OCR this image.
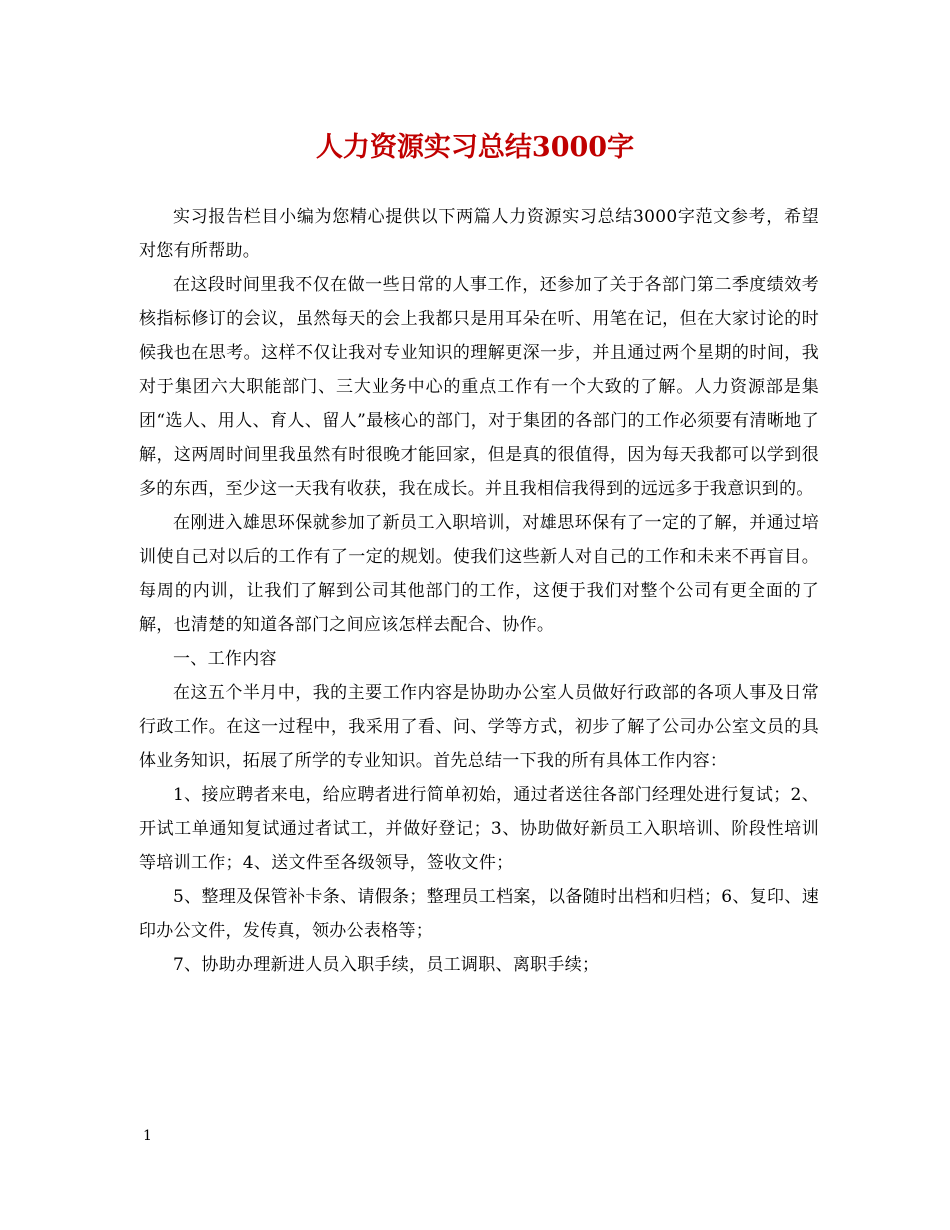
人力资源实习总结3000字

实习报告栏目小编为您精心提供以下两篇人力资源实习总结3000字范文参考，希望对您有所帮助。

在这段时间里我不仅在做一些日常的人事工作，还参加了关于各部门第二季度绩效考核指标修订的会议，虽然每天的会上我都只是用耳朵在听、用笔在记，但在大家讨论的时候我也在思考。这样不仅让我对专业知识的理解更深一步，并且通过两个星期的时间，我对于集团六大职能部门、三大业务中心的重点工作有一个大致的了解。人力资源部是集团“选人、用人、育人、留人”最核心的部门，对于集团的各部门的工作必须要有清晰地了解，这两周时间里我虽然有时很晚才能回家，但是真的很值得，因为每天我都可以学到很多的东西，至少这一天我有收获，我在成长。并且我相信我得到的远远多于我意识到的。

在刚进入雄思环保就参加了新员工入职培训，对雄思环保有了一定的了解，并通过培训使自己对以后的工作有了一定的规划。使我们这些新人对自己的工作和未来不再盲目。每周的内训，让我们了解到公司其他部门的工作，这便于我们对整个公司有更全面的了解，也清楚的知道各部门之间应该怎样去配合、协作。

一、工作内容

在这五个半月中，我的主要工作内容是协助办公室人员做好行政部的各项人事及日常行政工作。在这一过程中，我采用了看、问、学等方式，初步了解了公司办公室文员的具体业务知识，拓展了所学的专业知识。首先总结一下我的所有具体工作内容：

1、接应聘者来电，给应聘者进行简单初始，通过者送往各部门经理处进行复试；2、开试工单通知复试通过者试工，并做好登记；3、协助做好新员工入职培训、阶段性培训等培训工作；4、送文件至各级领导，签收文件；

5、整理及保管补卡条、请假条；整理员工档案，以备随时出档和归档；6、复印、速印办公文件，发传真，领办公表格等；

7、协助办理新进人员入职手续，员工调职、离职手续；

1
